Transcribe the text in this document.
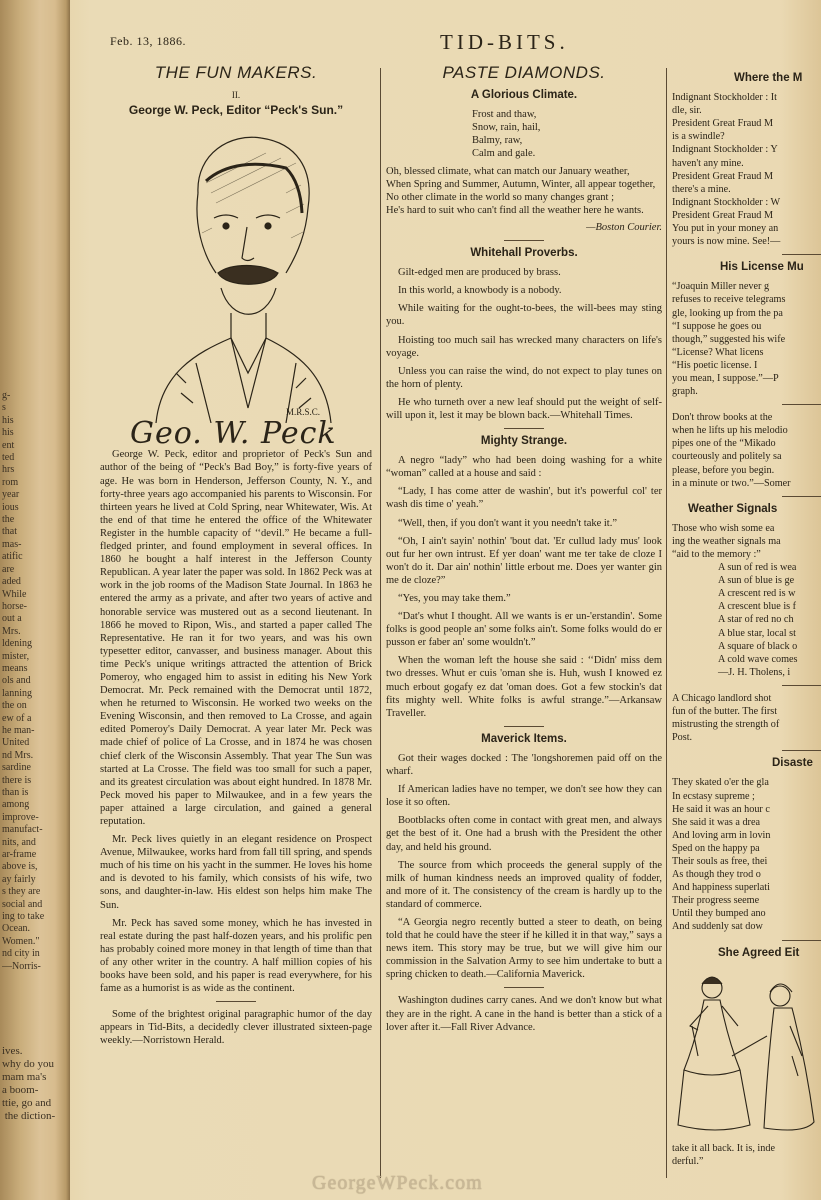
g-
s
his
his
ent
ted
hrs
rom
year
ious
the
that
mas-
atific
are
aded
While
horse-
out a
Mrs.
ldening
mister,
means
ols and
lanning
the on
ew of a
he man-
United
nd Mrs.
sardine
there is
than is
among
improve-
manufact-
nits, and
ar-frame
above is,
ay fairly
s they are
social and
ing to take
Ocean.
Women."
nd city in
—Norris-
ives.
why do you
mam ma's
a boom-
ttie, go and
the diction-
Feb. 13, 1886.	TID-BITS.
THE FUN MAKERS.
II.
George W. Peck, Editor “Peck's Sun.”
M.R.S.C.
Geo. W. Peck

George W. Peck, editor and proprietor of Peck's Sun and author of the being of “Peck's Bad Boy,” is forty-five years of age. He was born in Henderson, Jefferson County, N. Y., and forty-three years ago accompanied his parents to Wisconsin. For thirteen years he lived at Cold Spring, near Whitewater, Wis. At the end of that time he entered the office of the Whitewater Register in the humble capacity of ‘‘devil.” He became a full-fledged printer, and found employment in several offices. In 1860 he bought a half interest in the Jefferson County Republican. A year later the paper was sold. In 1862 Peck was at work in the job rooms of the Madison State Journal. In 1863 he entered the army as a private, and after two years of active and honorable service was mustered out as a second lieutenant. In 1866 he moved to Ripon, Wis., and started a paper called The Representative. He ran it for two years, and was his own typesetter editor, canvasser, and business manager. About this time Peck's unique writings attracted the attention of Brick Pomeroy, who engaged him to assist in editing his New York Democrat. Mr. Peck remained with the Democrat until 1872, when he returned to Wisconsin. He worked two weeks on the Evening Wisconsin, and then removed to La Crosse, and again edited Pomeroy's Daily Democrat. A year later Mr. Peck was made chief of police of La Crosse, and in 1874 he was chosen chief clerk of the Wisconsin Assembly. That year The Sun was started at La Crosse. The field was too small for such a paper, and its greatest circulation was about eight hundred. In 1878 Mr. Peck moved his paper to Milwaukee, and in a few years the paper attained a large circulation, and gained a general reputation.

Mr. Peck lives quietly in an elegant residence on Prospect Avenue, Milwaukee, works hard from fall till spring, and spends much of his time on his yacht in the summer. He loves his home and is devoted to his family, which consists of his wife, two sons, and daughter-in-law. His eldest son helps him make The Sun.

Mr. Peck has saved some money, which he has invested in real estate during the past half-dozen years, and his prolific pen has probably coined more money in that length of time than that of any other writer in the country. A half million copies of his books have been sold, and his paper is read everywhere, for his fame as a humorist is as wide as the continent.

Some of the brightest original paragraphic humor of the day appears in Tid-Bits, a decidedly clever illustrated sixteen-page weekly.—Norristown Herald.

PASTE DIAMONDS.
A Glorious Climate.
Frost and thaw,
Snow, rain, hail,
Balmy, raw,
Calm and gale.
Oh, blessed climate, what can match our January weather,
When Spring and Summer, Autumn, Winter, all appear together,
No other climate in the world so many changes grant ;
He's hard to suit who can't find all the weather here he wants.
—Boston Courier.
Whitehall Proverbs.

Gilt-edged men are produced by brass.

In this world, a knowbody is a nobody.

While waiting for the ought-to-bees, the will-bees may sting you.

Hoisting too much sail has wrecked many characters on life's voyage.

Unless you can raise the wind, do not expect to play tunes on the horn of plenty.

He who turneth over a new leaf should put the weight of self-will upon it, lest it may be blown back.—Whitehall Times.

Mighty Strange.

A negro “lady” who had been doing washing for a white “woman” called at a house and said :

“Lady, I has come atter de washin', but it's powerful col' ter wash dis time o' yeah.”

“Well, then, if you don't want it you needn't take it.”

“Oh, I ain't sayin' nothin' 'bout dat. 'Er cullud lady mus' look out fur her own intrust. Ef yer doan' want me ter take de cloze I won't do it. Dar ain' nothin' little erbout me. Does yer wanter gin me de cloze?”

“Yes, you may take them.”

“Dat's whut I thought. All we wants is er un-'erstandin'. Some folks is good people an' some folks ain't. Some folks would do er pusson er faber an' some wouldn't.”

When the woman left the house she said : ‘‘Didn' miss dem two dresses. Whut er cuis 'oman she is. Huh, wush I knowed ez much erbout gogafy ez dat 'oman does. Got a few stockin's dat fits mighty well. White folks is awful strange.”—Arkansaw Traveller.

Maverick Items.

Got their wages docked : The 'longshoremen paid off on the wharf.

If American ladies have no temper, we don't see how they can lose it so often.

Bootblacks often come in contact with great men, and always get the best of it. One had a brush with the President the other day, and held his ground.

The source from which proceeds the general supply of the milk of human kindness needs an improved quality of fodder, and more of it. The consistency of the cream is hardly up to the standard of commerce.

“A Georgia negro recently butted a steer to death, on being told that he could have the steer if he killed it in that way,” says a news item. This story may be true, but we will give him our commission in the Salvation Army to see him undertake to butt a spring chicken to death.—California Maverick.

Washington dudines carry canes. And we don't know but what they are in the right. A cane in the hand is better than a stick of a lover after it.—Fall River Advance.

Where the M
Indignant Stockholder : It
dle, sir.
President Great Fraud M
is a swindle?
Indignant Stockholder : Y
haven't any mine.
President Great Fraud M
there's a mine.
Indignant Stockholder : W
President Great Fraud M
You put in your money an
yours is now mine. See!—
His License Mu
“Joaquin Miller never g
refuses to receive telegrams
gle, looking up from the pa
“I suppose he goes ou
though,” suggested his wife
“License? What licens
“His poetic license. I
you mean, I suppose.”—P
graph.
Don't throw books at the
when he lifts up his melodio
pipes one of the “Mikado
courteously and politely sa
please, before you begin.
in a minute or two.”—Somer
Weather Signals
Those who wish some ea
ing the weather signals ma
“aid to the memory :”
A sun of red is wea
A sun of blue is ge
A crescent red is w
A crescent blue is f
A star of red no ch
A blue star, local st
A square of black o
A cold wave comes
—J. H. Tholens, i
A Chicago landlord shot
fun of the butter. The first
mistrusting the strength of
Post.
Disaste
They skated o'er the gla
In ecstasy supreme ;
He said it was an hour c
She said it was a drea
And loving arm in lovin
Sped on the happy pa
Their souls as free, thei
As though they trod o
And happiness superlati
Their progress seeme
Until they bumped ano
And suddenly sat dow
She Agreed Eit
take it all back. It is, inde
derful.”
GeorgeWPeck.com
